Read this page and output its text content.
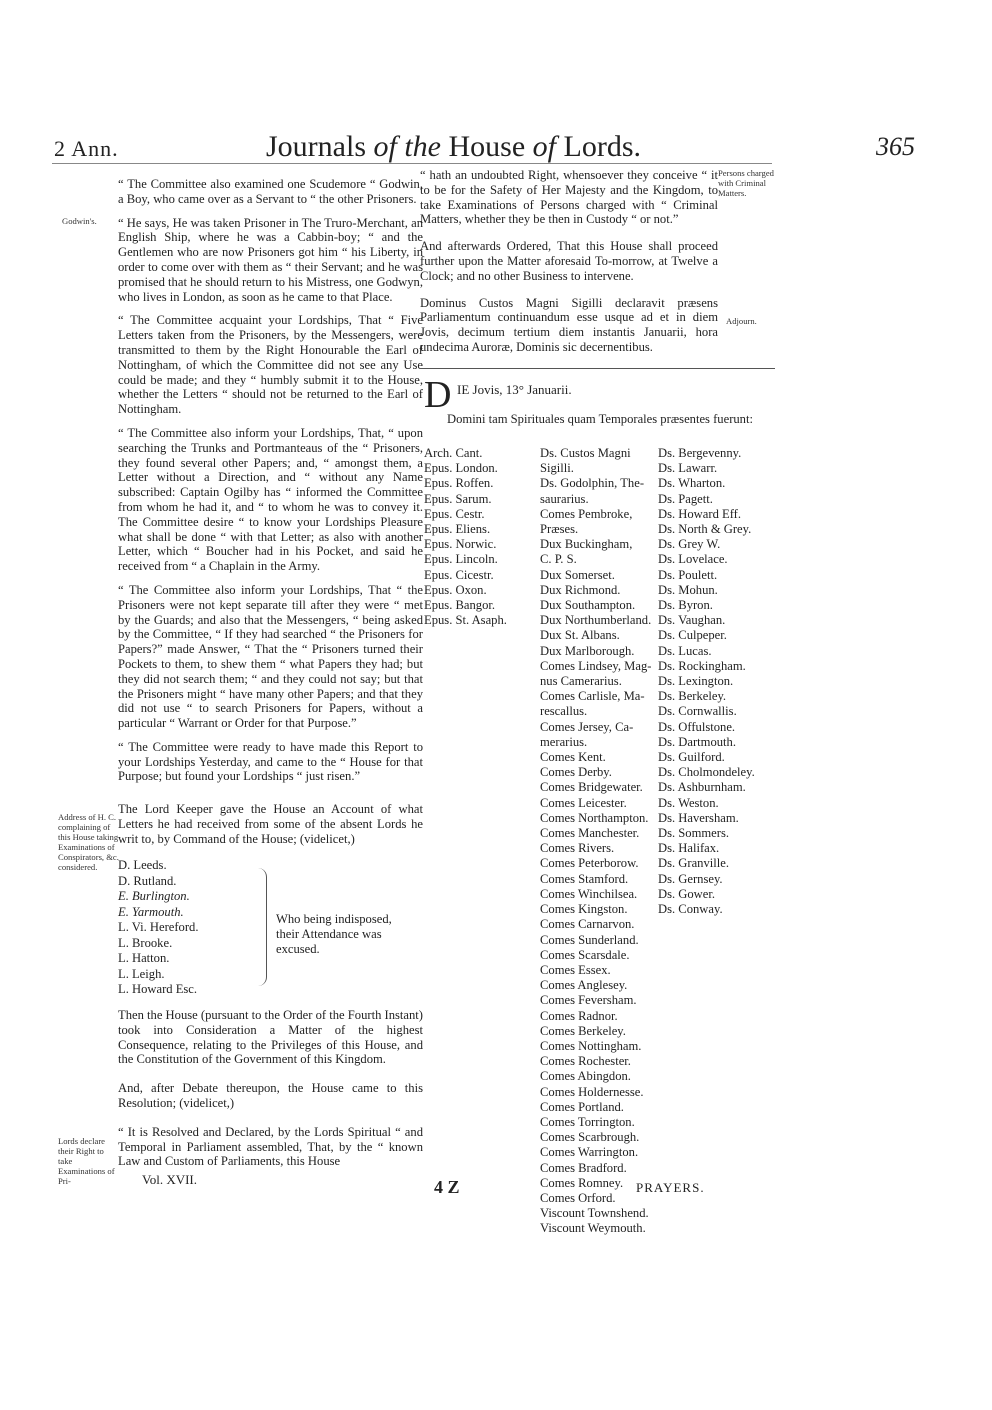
2 Ann.	Journals of the House of Lords.	365

“ The Committee also examined one Scudemore “ Godwin, a Boy, who came over as a Servant to “ the other Prisoners.

“ He says, He was taken Prisoner in The Truro-Merchant, an English Ship, where he was a Cabbin-boy; “ and the Gentlemen who are now Prisoners got him “ his Liberty, in order to come over with them as “ their Servant; and he was promised that he should return to his Mistress, one Godwyn, who lives in London, as soon as he came to that Place.

“ The Committee acquaint your Lordships, That “ Five Letters taken from the Prisoners, by the Messengers, were transmitted to them by the Right Honourable the Earl of Nottingham, of which the Committee did not see any Use could be made; and they “ humbly submit it to the House, whether the Letters “ should not be returned to the Earl of Nottingham.

“ The Committee also inform your Lordships, That, “ upon searching the Trunks and Portmanteaus of the “ Prisoners, they found several other Papers; and, “ amongst them, a Letter without a Direction, and “ without any Name subscribed: Captain Ogilby has “ informed the Committee from whom he had it, and “ to whom he was to convey it. The Committee desire “ to know your Lordships Pleasure what shall be done “ with that Letter; as also with another Letter, which “ Boucher had in his Pocket, and said he received from “ a Chaplain in the Army.

“ The Committee also inform your Lordships, That “ the Prisoners were not kept separate till after they were “ met by the Guards; and also that the Messengers, “ being asked by the Committee, “ If they had searched “ the Prisoners for Papers?” made Answer, “ That the “ Prisoners turned their Pockets to them, to shew them “ what Papers they had; but they did not search them; “ and they could not say; but that the Prisoners might “ have many other Papers; and that they did not use “ to search Prisoners for Papers, without a particular “ Warrant or Order for that Purpose.”

“ The Committee were ready to have made this Report to your Lordships Yesterday, and came to the “ House for that Purpose; but found your Lordships “ just risen.”

The Lord Keeper gave the House an Account of what Letters he had received from some of the absent Lords he writ to, by Command of the House; (videlicet,)

D. Leeds.
D. Rutland.
E. Burlington.
E. Yarmouth.
L. Vi. Hereford.
L. Brooke.
L. Hatton.
L. Leigh.
L. Howard Esc.
Who being indisposed, their Attendance was excused.

Then the House (pursuant to the Order of the Fourth Instant) took into Consideration a Matter of the highest Consequence, relating to the Privileges of this House, and the Constitution of the Government of this Kingdom.

And, after Debate thereupon, the House came to this Resolution; (videlicet,)

“ It is Resolved and Declared, by the Lords Spiritual “ and Temporal in Parliament assembled, That, by the “ known Law and Custom of Parliaments, this House

Godwin's.
Address of H. C. complaining of this House taking Examinations of Conspirators, &c. considered.
Lords declare their Right to take Examinations of Pri-
Persons charged with Criminal Matters.
Adjourn.

“ hath an undoubted Right, whensoever they conceive “ it to be for the Safety of Her Majesty and the Kingdom, to take Examinations of Persons charged with “ Criminal Matters, whether they be then in Custody “ or not.”

And afterwards Ordered, That this House shall proceed further upon the Matter aforesaid To-morrow, at Twelve a Clock; and no other Business to intervene.

Dominus Custos Magni Sigilli declaravit præsens Parliamentum continuandum esse usque ad et in diem Jovis, decimum tertium diem instantis Januarii, hora undecima Auroræ, Dominis sic decernentibus.

D IE Jovis, 13° Januarii.
Domini tam Spirituales quam Temporales præsentes fuerunt:
Arch. Cant.
Epus. London.
Epus. Roffen.
Epus. Sarum.
Epus. Cestr.
Epus. Eliens.
Epus. Norwic.
Epus. Lincoln.
Epus. Cicestr.
Epus. Oxon.
Epus. Bangor.
Epus. St. Asaph.
Ds. Custos Magni
Sigilli.
Ds. Godolphin, The-
saurarius.
Comes Pembroke,
Præses.
Dux Buckingham,
C. P. S.
Dux Somerset.
Dux Richmond.
Dux Southampton.
Dux Northumberland.
Dux St. Albans.
Dux Marlborough.
Comes Lindsey, Mag-
nus Camerarius.
Comes Carlisle, Ma-
rescallus.
Comes Jersey, Ca-
merarius.
Comes Kent.
Comes Derby.
Comes Bridgewater.
Comes Leicester.
Comes Northampton.
Comes Manchester.
Comes Rivers.
Comes Peterborow.
Comes Stamford.
Comes Winchilsea.
Comes Kingston.
Comes Carnarvon.
Comes Sunderland.
Comes Scarsdale.
Comes Essex.
Comes Anglesey.
Comes Feversham.
Comes Radnor.
Comes Berkeley.
Comes Nottingham.
Comes Rochester.
Comes Abingdon.
Comes Holdernesse.
Comes Portland.
Comes Torrington.
Comes Scarbrough.
Comes Warrington.
Comes Bradford.
Comes Romney.
Comes Orford.
Viscount Townshend.
Viscount Weymouth.
Ds. Bergevenny.
Ds. Lawarr.
Ds. Wharton.
Ds. Pagett.
Ds. Howard Eff.
Ds. North & Grey.
Ds. Grey W.
Ds. Lovelace.
Ds. Poulett.
Ds. Mohun.
Ds. Byron.
Ds. Vaughan.
Ds. Culpeper.
Ds. Lucas.
Ds. Rockingham.
Ds. Lexington.
Ds. Berkeley.
Ds. Cornwallis.
Ds. Offulstone.
Ds. Dartmouth.
Ds. Guilford.
Ds. Cholmondeley.
Ds. Ashburnham.
Ds. Weston.
Ds. Haversham.
Ds. Sommers.
Ds. Halifax.
Ds. Granville.
Ds. Gernsey.
Ds. Gower.
Ds. Conway.
Vol. XVII.	4 Z	PRAYERS.
